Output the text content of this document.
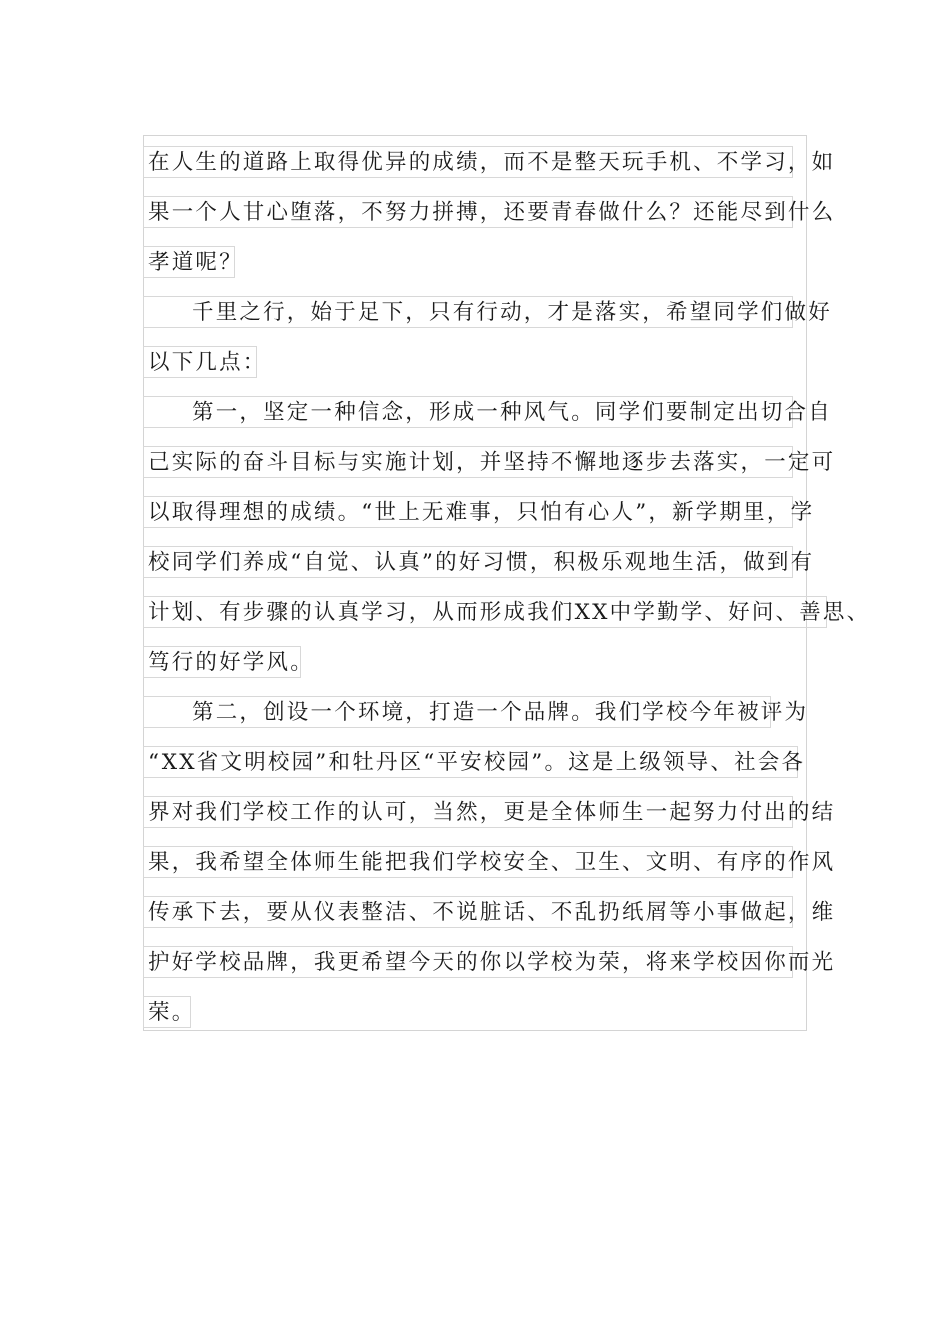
在人生的道路上取得优异的成绩，而不是整天玩手机、不学习，如
果一个人甘心堕落，不努力拼搏，还要青春做什么？还能尽到什么
孝道呢？
千里之行，始于足下，只有行动，才是落实，希望同学们做好
以下几点：
第一，坚定一种信念，形成一种风气。同学们要制定出切合自
己实际的奋斗目标与实施计划，并坚持不懈地逐步去落实，一定可
以取得理想的成绩。“世上无难事，只怕有心人”，新学期里，学
校同学们养成“自觉、认真”的好习惯，积极乐观地生活，做到有
计划、有步骤的认真学习，从而形成我们XX中学勤学、好问、善思、
笃行的好学风。
第二，创设一个环境，打造一个品牌。我们学校今年被评为
“XX省文明校园”和牡丹区“平安校园”。这是上级领导、社会各
界对我们学校工作的认可，当然，更是全体师生一起努力付出的结
果，我希望全体师生能把我们学校安全、卫生、文明、有序的作风
传承下去，要从仪表整洁、不说脏话、不乱扔纸屑等小事做起，维
护好学校品牌，我更希望今天的你以学校为荣，将来学校因你而光
荣。
